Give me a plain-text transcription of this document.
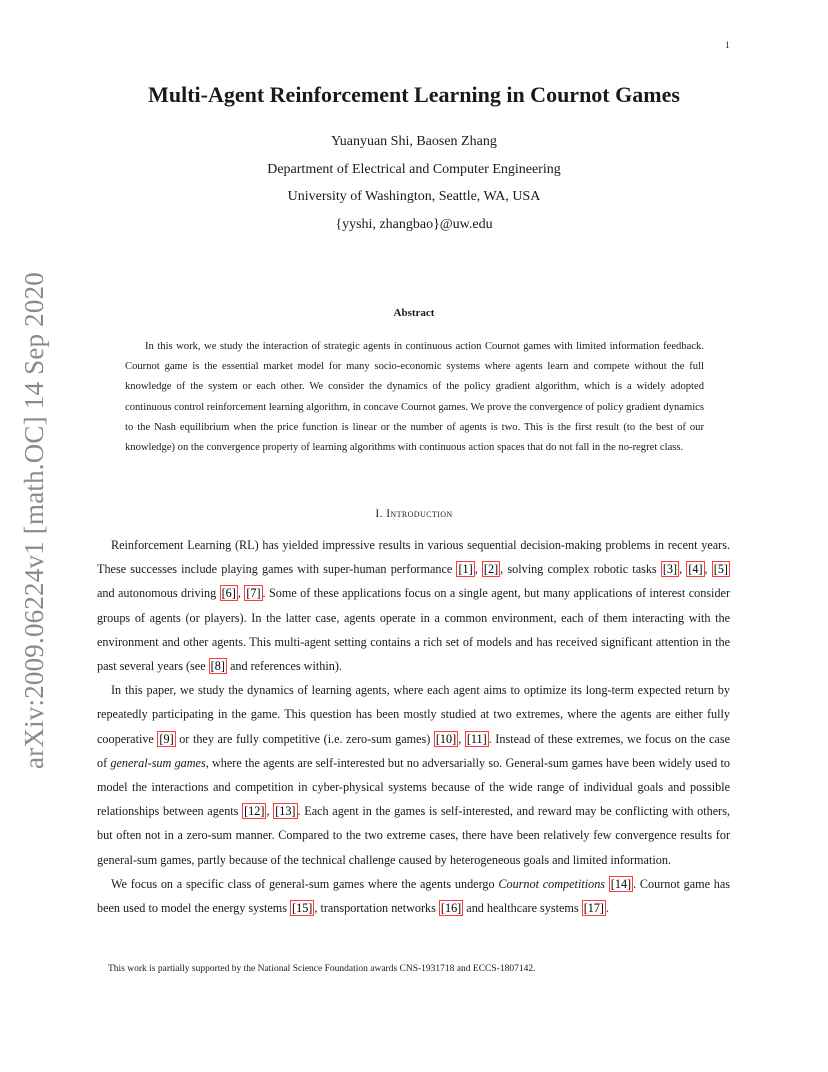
1
arXiv:2009.06224v1 [math.OC] 14 Sep 2020
Multi-Agent Reinforcement Learning in Cournot Games
Yuanyuan Shi, Baosen Zhang
Department of Electrical and Computer Engineering
University of Washington, Seattle, WA, USA
{yyshi, zhangbao}@uw.edu
Abstract

In this work, we study the interaction of strategic agents in continuous action Cournot games with limited information feedback. Cournot game is the essential market model for many socio-economic systems where agents learn and compete without the full knowledge of the system or each other. We consider the dynamics of the policy gradient algorithm, which is a widely adopted continuous control reinforcement learning algorithm, in concave Cournot games. We prove the convergence of policy gradient dynamics to the Nash equilibrium when the price function is linear or the number of agents is two. This is the first result (to the best of our knowledge) on the convergence property of learning algorithms with continuous action spaces that do not fall in the no-regret class.

I. Introduction

Reinforcement Learning (RL) has yielded impressive results in various sequential decision-making problems in recent years. These successes include playing games with super-human performance [1] , [2] , solving complex robotic tasks [3] , [4] , [5] and autonomous driving [6] , [7] . Some of these applications focus on a single agent, but many applications of interest consider groups of agents (or players). In the latter case, agents operate in a common environment, each of them interacting with the environment and other agents. This multi-agent setting contains a rich set of models and has received significant attention in the past several years (see [8] and references within).

In this paper, we study the dynamics of learning agents, where each agent aims to optimize its long-term expected return by repeatedly participating in the game. This question has been mostly studied at two extremes, where the agents are either fully cooperative [9] or they are fully competitive (i.e. zero-sum games) [10] , [11] . Instead of these extremes, we focus on the case of general-sum games, where the agents are self-interested but no adversarially so. General-sum games have been widely used to model the interactions and competition in cyber-physical systems because of the wide range of individual goals and possible relationships between agents [12] , [13] . Each agent in the games is self-interested, and reward may be conflicting with others, but often not in a zero-sum manner. Compared to the two extreme cases, there have been relatively few convergence results for general-sum games, partly because of the technical challenge caused by heterogeneous goals and limited information.

We focus on a specific class of general-sum games where the agents undergo Cournot competitions [14] . Cournot game has been used to model the energy systems [15] , transportation networks [16] and healthcare systems [17] .

This work is partially supported by the National Science Foundation awards CNS-1931718 and ECCS-1807142.
